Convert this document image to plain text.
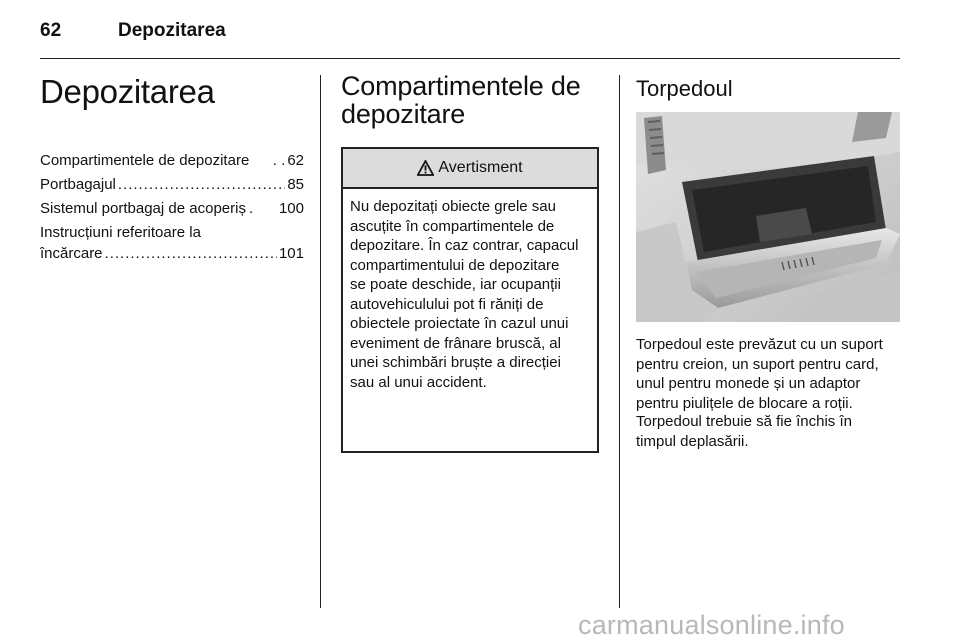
62	Depozitarea
Depozitarea
Compartimentele de depozitare	. . 62
Portbagajul .....	85
Sistemul portbagaj de acoperiș .	100
Instrucțiuni referitoare la
încărcare .....	101
Compartimentele de
depozitare
Avertisment
Nu depozitați obiecte grele sau
ascuțite în compartimentele de
depozitare. În caz contrar, capacul
compartimentului de depozitare
se poate deschide, iar ocupanții
autovehiculului pot fi răniți de
obiectele proiectate în cazul unui
eveniment de frânare bruscă, al
unei schimbări bruște a direcției
sau al unui accident.
Torpedoul
Torpedoul este prevăzut cu un suport
pentru creion, un suport pentru card,
unul pentru monede și un adaptor
pentru piulițele de blocare a roții.
Torpedoul trebuie să fie închis în
timpul deplasării.
carmanualsonline.info
